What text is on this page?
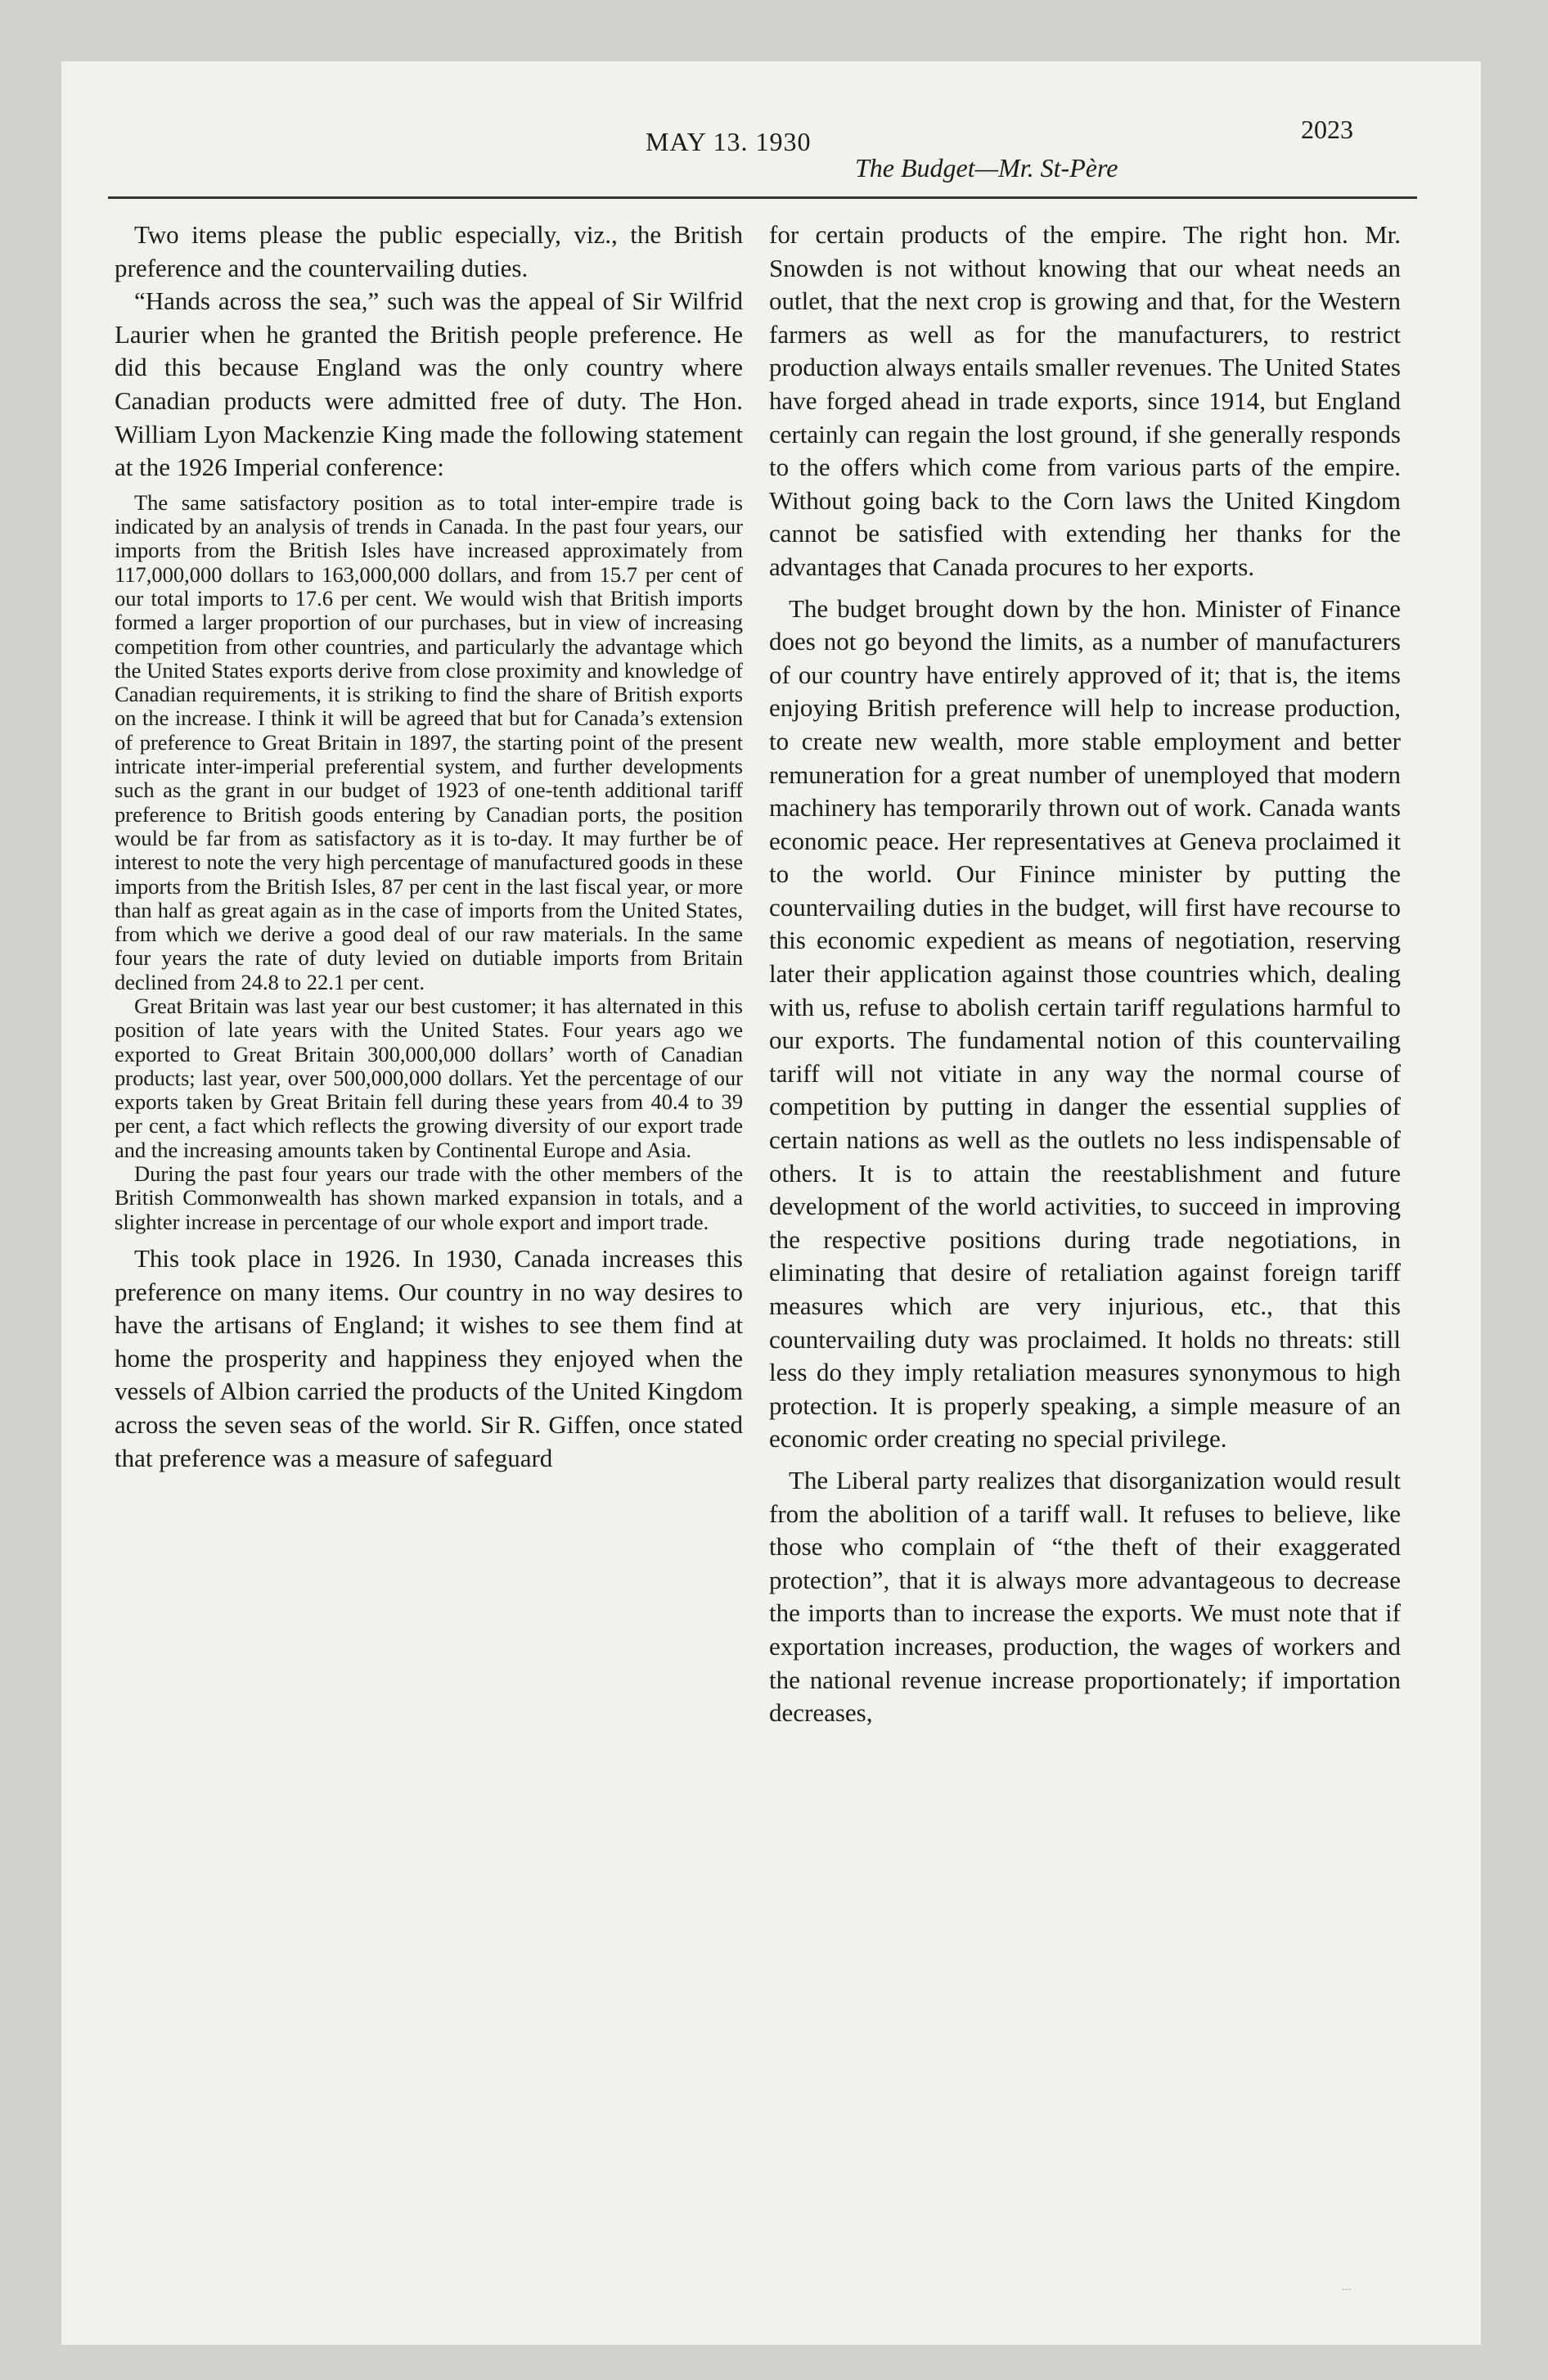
MAY 13. 1930
The Budget—Mr. St-Père
2023

Two items please the public especially, viz., the British preference and the countervailing duties.

“Hands across the sea,” such was the appeal of Sir Wilfrid Laurier when he granted the British people preference. He did this because England was the only country where Canadian products were admitted free of duty. The Hon. William Lyon Mackenzie King made the following statement at the 1926 Imperial conference:

The same satisfactory position as to total inter-empire trade is indicated by an analysis of trends in Canada. In the past four years, our imports from the British Isles have increased approximately from 117,000,000 dollars to 163,000,000 dollars, and from 15.7 per cent of our total imports to 17.6 per cent. We would wish that British imports formed a larger proportion of our purchases, but in view of increasing competition from other countries, and particularly the advantage which the United States exports derive from close proximity and knowledge of Canadian requirements, it is striking to find the share of British exports on the increase. I think it will be agreed that but for Canada’s extension of preference to Great Britain in 1897, the starting point of the present intricate inter-imperial preferential system, and further developments such as the grant in our budget of 1923 of one-tenth additional tariff preference to British goods entering by Canadian ports, the position would be far from as satisfactory as it is to-day. It may further be of interest to note the very high percentage of manufactured goods in these imports from the British Isles, 87 per cent in the last fiscal year, or more than half as great again as in the case of imports from the United States, from which we derive a good deal of our raw materials. In the same four years the rate of duty levied on dutiable imports from Britain declined from 24.8 to 22.1 per cent.

Great Britain was last year our best customer; it has alternated in this position of late years with the United States. Four years ago we exported to Great Britain 300,000,000 dollars’ worth of Canadian products; last year, over 500,000,000 dollars. Yet the percentage of our exports taken by Great Britain fell during these years from 40.4 to 39 per cent, a fact which reflects the growing diversity of our export trade and the increasing amounts taken by Continental Europe and Asia.

During the past four years our trade with the other members of the British Commonwealth has shown marked expansion in totals, and a slighter increase in percentage of our whole export and import trade.

This took place in 1926. In 1930, Canada increases this preference on many items. Our country in no way desires to have the artisans of England; it wishes to see them find at home the prosperity and happiness they enjoyed when the vessels of Albion carried the products of the United Kingdom across the seven seas of the world. Sir R. Giffen, once stated that preference was a measure of safeguard

for certain products of the empire. The right hon. Mr. Snowden is not without knowing that our wheat needs an outlet, that the next crop is growing and that, for the Western farmers as well as for the manufacturers, to restrict production always entails smaller revenues. The United States have forged ahead in trade exports, since 1914, but England certainly can regain the lost ground, if she generally responds to the offers which come from various parts of the empire. Without going back to the Corn laws the United Kingdom cannot be satisfied with extending her thanks for the advantages that Canada procures to her exports.

The budget brought down by the hon. Minister of Finance does not go beyond the limits, as a number of manufacturers of our country have entirely approved of it; that is, the items enjoying British preference will help to increase production, to create new wealth, more stable employment and better remuneration for a great number of unemployed that modern machinery has temporarily thrown out of work. Canada wants economic peace. Her representatives at Geneva proclaimed it to the world. Our Finince minister by putting the countervailing duties in the budget, will first have recourse to this economic expedient as means of negotiation, reserving later their application against those countries which, dealing with us, refuse to abolish certain tariff regulations harmful to our exports. The fundamental notion of this countervailing tariff will not vitiate in any way the normal course of competition by putting in danger the essential supplies of certain nations as well as the outlets no less indispensable of others. It is to attain the reestablishment and future development of the world activities, to succeed in improving the respective positions during trade negotiations, in eliminating that desire of retaliation against foreign tariff measures which are very injurious, etc., that this countervailing duty was proclaimed. It holds no threats: still less do they imply retaliation measures synonymous to high protection. It is properly speaking, a simple measure of an economic order creating no special privilege.

The Liberal party realizes that disorganization would result from the abolition of a tariff wall. It refuses to believe, like those who complain of “the theft of their exaggerated protection”, that it is always more advantageous to decrease the imports than to increase the exports. We must note that if exportation increases, production, the wages of workers and the national revenue increase proportionately; if importation decreases,

....
